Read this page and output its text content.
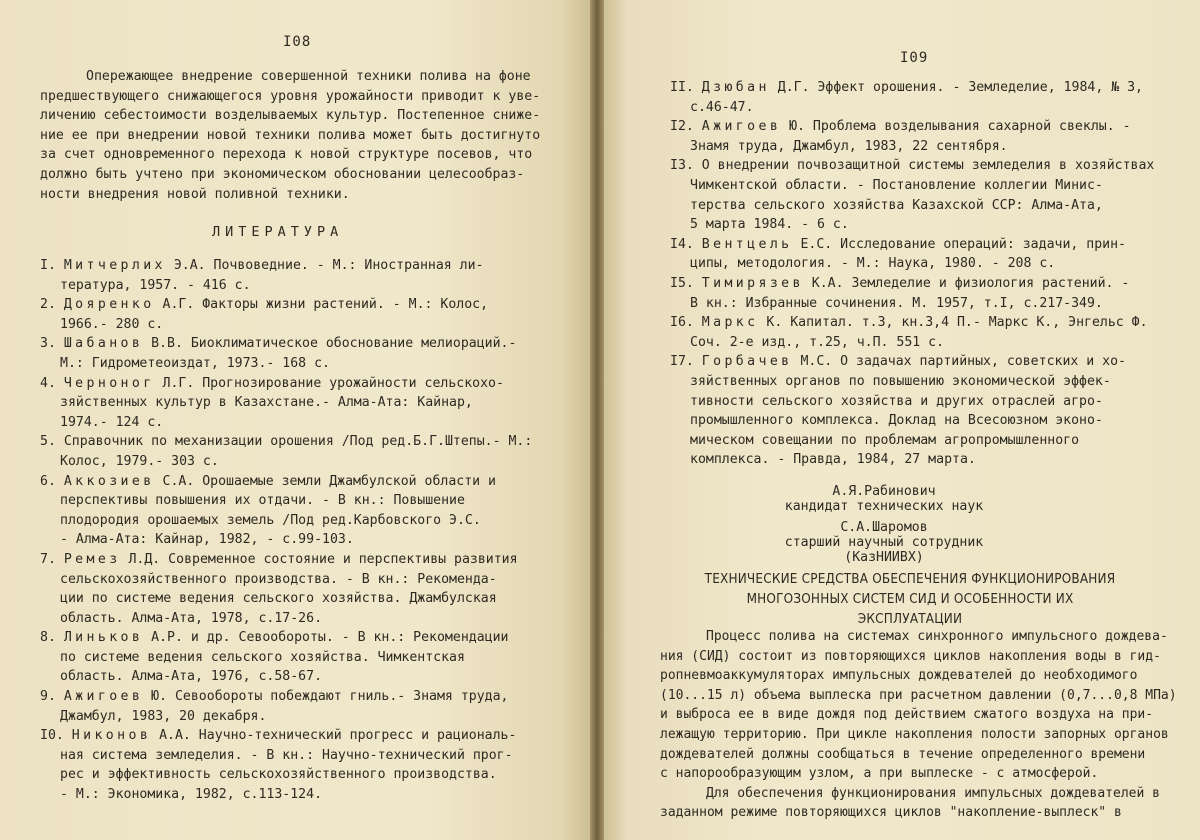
I08
Опережающее внедрение совершенной техники полива на фоне
предшествующего снижающегося уровня урожайности приводит к уве-
личению себестоимости возделываемых культур. Постепенное сниже-
ние ее при внедрении новой техники полива может быть достигнуто
за счет одновременного перехода к новой структуре посевов, что
должно быть учтено при экономическом обосновании целесообраз-
ности внедрения новой поливной техники.
ЛИТЕРАТУРА
I. Митчерлих Э.А. Почвоведние. - М.: Иностранная ли-
тература, 1957. - 416 с.
2. Дояренко А.Г. Факторы жизни растений. - М.: Колос,
1966.- 280 с.
3. Шабанов В.В. Биоклиматическое обоснование мелиораций.-
М.: Гидрометеоиздат, 1973.- 168 с.
4. Черноног Л.Г. Прогнозирование урожайности сельскохо-
зяйственных культур в Казахстане.- Алма-Ата: Кайнар,
1974.- 124 с.
5. Справочник по механизации орошения /Под ред.Б.Г.Штепы.- М.:
Колос, 1979.- 303 с.
6. Аккозиев С.А. Орошаемые земли Джамбулской области и
перспективы повышения их отдачи. - В кн.: Повышение
плодородия орошаемых земель /Под ред.Карбовского Э.С.
- Алма-Ата: Кайнар, 1982, - с.99-103.
7. Ремез Л.Д. Современное состояние и перспективы развития
сельскохозяйственного производства. - В кн.: Рекоменда-
ции по системе ведения сельского хозяйства. Джамбулская
область. Алма-Ата, 1978, с.17-26.
8. Линьков А.Р. и др. Севообороты. - В кн.: Рекомендации
по системе ведения сельского хозяйства. Чимкентская
область. Алма-Ата, 1976, с.58-67.
9. Ажигоев Ю. Севообороты побеждают гниль.- Знамя труда,
Джамбул, 1983, 20 декабря.
I0. Никонов А.А. Научно-технический прогресс и рациональ-
ная система земледелия. - В кн.: Научно-технический прог-
рес и эффективность сельскохозяйственного производства.
- М.: Экономика, 1982, с.113-124.
I09
II. Дзюбан Д.Г. Эффект орошения. - Земледелие, 1984, № 3,
с.46-47.
I2. Ажигоев Ю. Проблема возделывания сахарной свеклы. -
Знамя труда, Джамбул, 1983, 22 сентября.
I3. О внедрении почвозащитной системы земледелия в хозяйствах
Чимкентской области. - Постановление коллегии Минис-
терства сельского хозяйства Казахской ССР: Алма-Ата,
5 марта 1984. - 6 с.
I4. Вентцель Е.С. Исследование операций: задачи, прин-
ципы, методология. - М.: Наука, 1980. - 208 с.
I5. Тимирязев К.А. Земледелие и физиология растений. -
В кн.: Избранные сочинения. М. 1957, т.I, с.217-349.
I6. Маркс К. Капитал. т.3, кн.3,4 П.- Маркс К., Энгельс Ф.
Соч. 2-е изд., т.25, ч.П. 551 с.
I7. Горбачев М.С. О задачах партийных, советских и хо-
зяйственных органов по повышению экономической эффек-
тивности сельского хозяйства и других отраслей агро-
промышленного комплекса. Доклад на Всесоюзном эконо-
мическом совещании по проблемам агропромышленного
комплекса. - Правда, 1984, 27 марта.
А.Я.Рабинович
кандидат технических наук
С.А.Шаромов
старший научный сотрудник
(КазНИИВХ)
ТЕХНИЧЕСКИЕ СРЕДСТВА ОБЕСПЕЧЕНИЯ ФУНКЦИОНИРОВАНИЯ
МНОГОЗОННЫХ СИСТЕМ СИД И ОСОБЕННОСТИ ИХ ЭКСПЛУАТАЦИИ
Процесс полива на системах синхронного импульсного дождева-
ния (СИД) состоит из повторяющихся циклов накопления воды в гид-
ропневмоаккумуляторах импульсных дождевателей до необходимого
(10...15 л) объема выплеска при расчетном давлении (0,7...0,8 МПа)
и выброса ее в виде дождя под действием сжатого воздуха на при-
лежащую территорию. При цикле накопления полости запорных органов
дождевателей должны сообщаться в течение определенного времени
с напорообразующим узлом, а при выплеске - с атмосферой.
Для обеспечения функционирования импульсных дождевателей в
заданном режиме повторяющихся циклов "накопление-выплеск" в
